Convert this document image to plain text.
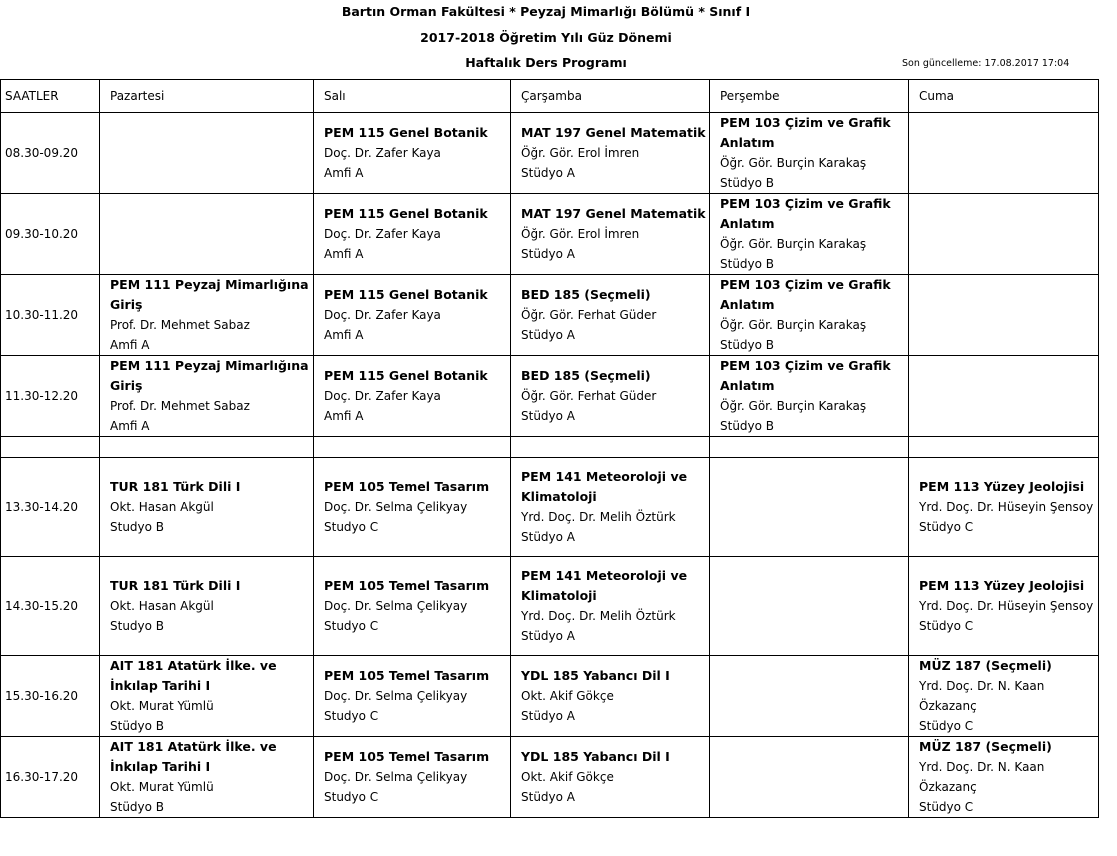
Bartın Orman Fakültesi * Peyzaj Mimarlığı Bölümü * Sınıf I
2017-2018 Öğretim Yılı Güz Dönemi
Haftalık Ders Programı	Son güncelleme: 17.08.2017 17:04
SAATLER	Pazartesi	Salı	Çarşamba	Perşembe	Cuma
08.30-09.20		PEM 115 Genel Botanik
Doç. Dr. Zafer Kaya
Amfi A	MAT 197 Genel Matematik
Öğr. Gör. Erol İmren
Stüdyo A	PEM 103 Çizim ve Grafik Anlatım
Öğr. Gör. Burçin Karakaş
Stüdyo B	

09.30-10.20		PEM 115 Genel Botanik
Doç. Dr. Zafer Kaya
Amfi A	MAT 197 Genel Matematik
Öğr. Gör. Erol İmren
Stüdyo A	PEM 103 Çizim ve Grafik Anlatım
Öğr. Gör. Burçin Karakaş
Stüdyo B	

10.30-11.20	PEM 111 Peyzaj Mimarlığına Giriş
Prof. Dr. Mehmet Sabaz
Amfi A	PEM 115 Genel Botanik
Doç. Dr. Zafer Kaya
Amfi A	BED 185 (Seçmeli)
Öğr. Gör. Ferhat Güder
Stüdyo A	PEM 103 Çizim ve Grafik Anlatım
Öğr. Gör. Burçin Karakaş
Stüdyo B	

11.30-12.20	PEM 111 Peyzaj Mimarlığına Giriş
Prof. Dr. Mehmet Sabaz
Amfi A	PEM 115 Genel Botanik
Doç. Dr. Zafer Kaya
Amfi A	BED 185 (Seçmeli)
Öğr. Gör. Ferhat Güder
Stüdyo A	PEM 103 Çizim ve Grafik Anlatım
Öğr. Gör. Burçin Karakaş
Stüdyo B	

13.30-14.20	TUR 181 Türk Dili I
Okt. Hasan Akgül
Studyo B	PEM 105 Temel Tasarım
Doç. Dr. Selma Çelikyay
Studyo C	PEM 141 Meteoroloji ve Klimatoloji
Yrd. Doç. Dr. Melih Öztürk
Stüdyo A		PEM 113 Yüzey Jeolojisi
Yrd. Doç. Dr. Hüseyin Şensoy
Stüdyo C

14.30-15.20	TUR 181 Türk Dili I
Okt. Hasan Akgül
Studyo B	PEM 105 Temel Tasarım
Doç. Dr. Selma Çelikyay
Studyo C	PEM 141 Meteoroloji ve Klimatoloji
Yrd. Doç. Dr. Melih Öztürk
Stüdyo A		PEM 113 Yüzey Jeolojisi
Yrd. Doç. Dr. Hüseyin Şensoy
Stüdyo C

15.30-16.20	AIT 181 Atatürk İlke. ve İnkılap Tarihi I
Okt. Murat Yümlü
Stüdyo B	PEM 105 Temel Tasarım
Doç. Dr. Selma Çelikyay
Studyo C	YDL 185 Yabancı Dil I
Okt. Akif Gökçe
Stüdyo A		MÜZ 187 (Seçmeli)
Yrd. Doç. Dr. N. Kaan Özkazanç
Stüdyo C

16.30-17.20	AIT 181 Atatürk İlke. ve İnkılap Tarihi I
Okt. Murat Yümlü
Stüdyo B	PEM 105 Temel Tasarım
Doç. Dr. Selma Çelikyay
Studyo C	YDL 185 Yabancı Dil I
Okt. Akif Gökçe
Stüdyo A		MÜZ 187 (Seçmeli)
Yrd. Doç. Dr. N. Kaan Özkazanç
Stüdyo C
